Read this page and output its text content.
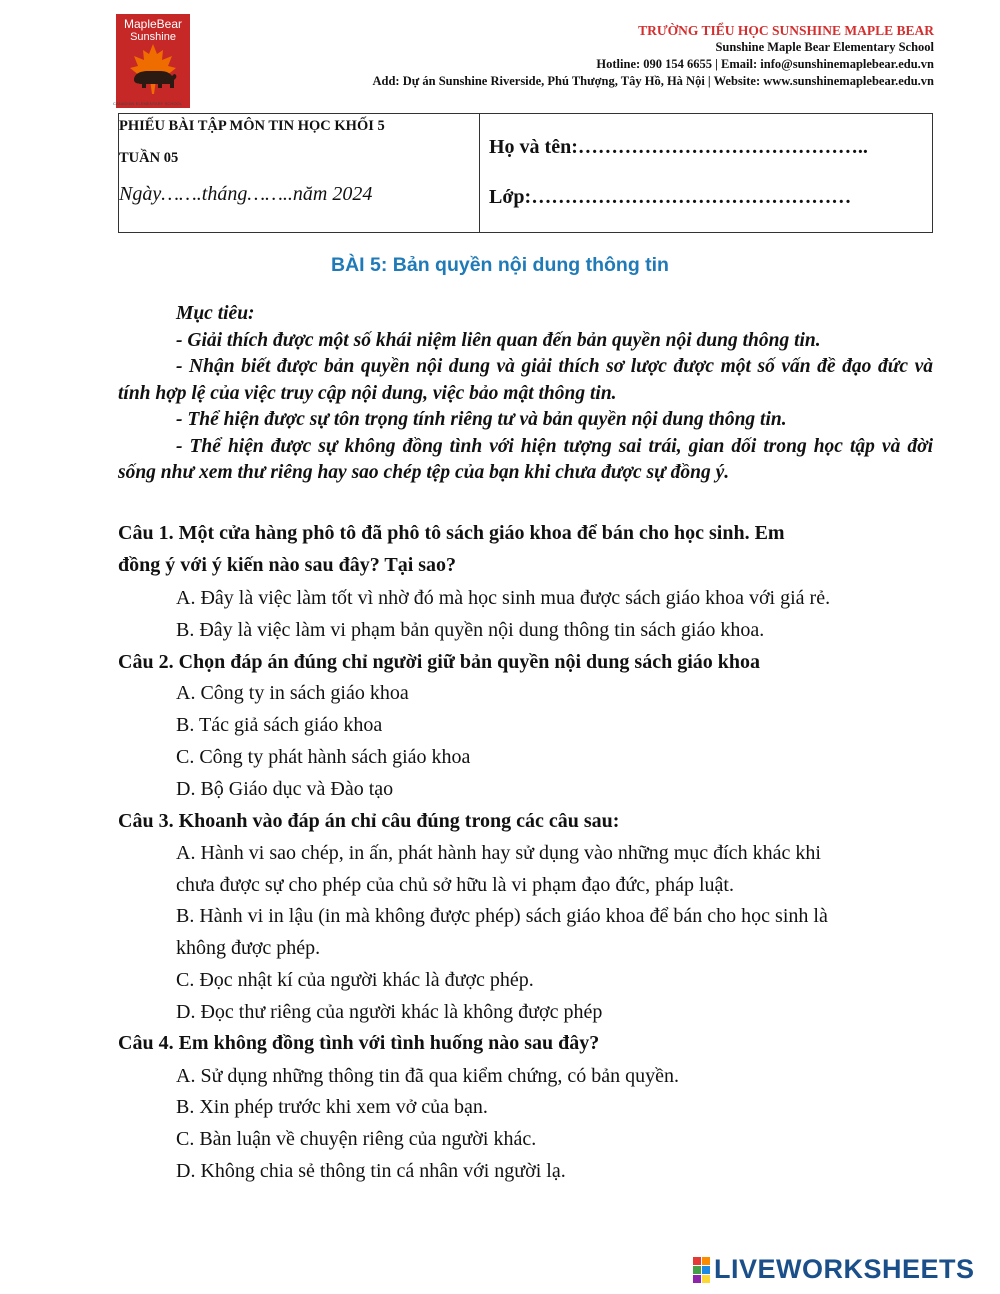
MapleBear
Sunshine
CANADIAN ELEMENTARY SCHOOL
TRƯỜNG TIỂU HỌC SUNSHINE MAPLE BEAR
Sunshine Maple Bear Elementary School
Hotline: 090 154 6655 | Email: info@sunshinemaplebear.edu.vn
Add: Dự án Sunshine Riverside, Phú Thượng, Tây Hồ, Hà Nội | Website: www.sunshinemaplebear.edu.vn
PHIẾU BÀI TẬP MÔN TIN HỌC KHỐI 5
TUẦN 05
Ngày…….tháng……..năm 2024
Họ và tên:……………………………………..
Lớp:…………………………………………
BÀI 5: Bản quyền nội dung thông tin
Mục tiêu:
- Giải thích được một số khái niệm liên quan đến bản quyền nội dung thông tin.
- Nhận biết được bản quyền nội dung và giải thích sơ lược được một số vấn đề đạo đức và tính hợp lệ của việc truy cập nội dung, việc bảo mật thông tin.
- Thể hiện được sự tôn trọng tính riêng tư và bản quyền nội dung thông tin.
- Thể hiện được sự không đồng tình với hiện tượng sai trái, gian dối trong học tập và đời sống như xem thư riêng hay sao chép tệp của bạn khi chưa được sự đồng ý.
Câu 1. Một cửa hàng phô tô đã phô tô sách giáo khoa để bán cho học sinh. Em
đồng ý với ý kiến nào sau đây? Tại sao?
A. Đây là việc làm tốt vì nhờ đó mà học sinh mua được sách giáo khoa với giá rẻ.
B. Đây là việc làm vi phạm bản quyền nội dung thông tin sách giáo khoa.
Câu 2. Chọn đáp án đúng chỉ người giữ bản quyền nội dung sách giáo khoa
A. Công ty in sách giáo khoa
B. Tác giả sách giáo khoa
C. Công ty phát hành sách giáo khoa
D. Bộ Giáo dục và Đào tạo
Câu 3. Khoanh vào đáp án chỉ câu đúng trong các câu sau:
A. Hành vi sao chép, in ấn, phát hành hay sử dụng vào những mục đích khác khi
chưa được sự cho phép của chủ sở hữu là vi phạm đạo đức, pháp luật.
B. Hành vi in lậu (in mà không được phép) sách giáo khoa để bán cho học sinh là
không được phép.
C. Đọc nhật kí của người khác là được phép.
D. Đọc thư riêng của người khác là không được phép
Câu 4. Em không đồng tình với tình huống nào sau đây?
A. Sử dụng những thông tin đã qua kiểm chứng, có bản quyền.
B. Xin phép trước khi xem vở của bạn.
C. Bàn luận về chuyện riêng của người khác.
D. Không chia sẻ thông tin cá nhân với người lạ.
LIVEWORKSHEETS
